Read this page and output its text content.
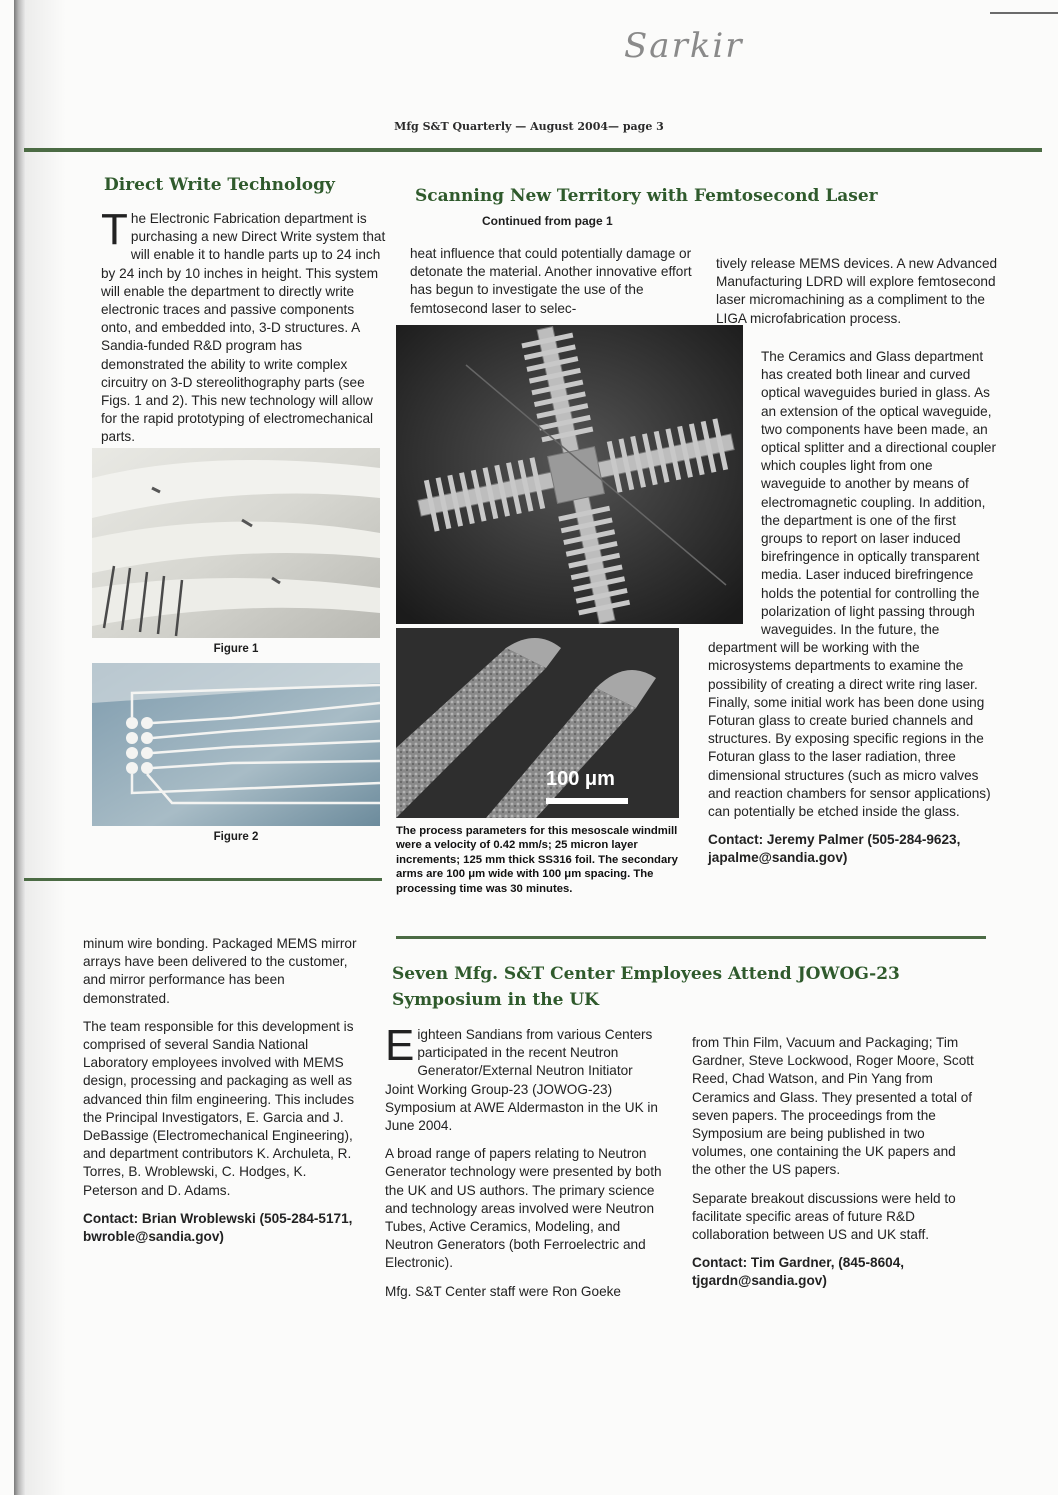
Sarkir
Mfg S&T Quarterly — August 2004— page 3
Direct Write Technology
The Electronic Fabrication department is purchasing a new Direct Write system that will enable it to handle parts up to 24 inch by 24 inch by 10 inches in height. This system will enable the department to directly write electronic traces and passive components onto, and embedded into, 3-D structures. A Sandia-funded R&D program has demonstrated the ability to write complex circuitry on 3-D stereolithography parts (see Figs. 1 and 2). This new technology will allow for the rapid prototyping of electromechanical parts.
Figure 1
Figure 2
Scanning New Territory with Femtosecond Laser
Continued from page 1
heat influence that could potentially damage or detonate the material. Another innovative effort has begun to investigate the use of the femtosecond laser to selec-
100 μm
The process parameters for this mesoscale windmill were a velocity of 0.42 mm/s; 25 micron layer increments; 125 mm thick SS316 foil. The secondary arms are 100 μm wide with 100 μm spacing. The processing time was 30 minutes.
tively release MEMS devices. A new Advanced Manufacturing LDRD will explore femtosecond laser micromachining as a compliment to the LIGA microfabrication process.

The Ceramics and Glass department has created both linear and curved optical waveguides buried in glass. As an extension of the optical waveguide, two components have been made, an optical splitter and a directional coupler which couples light from one waveguide to another by means of electromagnetic coupling. In addition, the department is one of the first groups to report on laser induced birefringence in optically transparent media. Laser induced birefringence holds the potential for controlling the polarization of light passing through waveguides. In the future, the department will be working with the microsystems departments to examine the possibility of creating a direct write ring laser. Finally, some initial work has been done using Foturan glass to create buried channels and structures. By exposing specific regions in the Foturan glass to the laser radiation, three dimensional structures (such as micro valves and reaction chambers for sensor applications) can potentially be etched inside the glass.

Contact: Jeremy Palmer (505-284-9623, japalme@sandia.gov)

minum wire bonding. Packaged MEMS mirror arrays have been delivered to the customer, and mirror performance has been demonstrated.

The team responsible for this development is comprised of several Sandia National Laboratory employees involved with MEMS design, processing and packaging as well as advanced thin film engineering. This includes the Principal Investigators, E. Garcia and J. DeBassige (Electromechanical Engineering), and department contributors K. Archuleta, R. Torres, B. Wroblewski, C. Hodges, K. Peterson and D. Adams.

Contact: Brian Wroblewski (505-284-5171, bwroble@sandia.gov)

Seven Mfg. S&T Center Employees Attend JOWOG-23 Symposium in the UK

Eighteen Sandians from various Centers participated in the recent Neutron Generator/External Neutron Initiator Joint Working Group-23 (JOWOG-23) Symposium at AWE Aldermaston in the UK in June 2004.

A broad range of papers relating to Neutron Generator technology were presented by both the UK and US authors. The primary science and technology areas involved were Neutron Tubes, Active Ceramics, Modeling, and Neutron Generators (both Ferroelectric and Electronic).

Mfg. S&T Center staff were Ron Goeke

from Thin Film, Vacuum and Packaging; Tim Gardner, Steve Lockwood, Roger Moore, Scott Reed, Chad Watson, and Pin Yang from Ceramics and Glass. They presented a total of seven papers. The proceedings from the Symposium are being published in two volumes, one containing the UK papers and the other the US papers.

Separate breakout discussions were held to facilitate specific areas of future R&D collaboration between US and UK staff.

Contact: Tim Gardner, (845-8604, tjgardn@sandia.gov)
